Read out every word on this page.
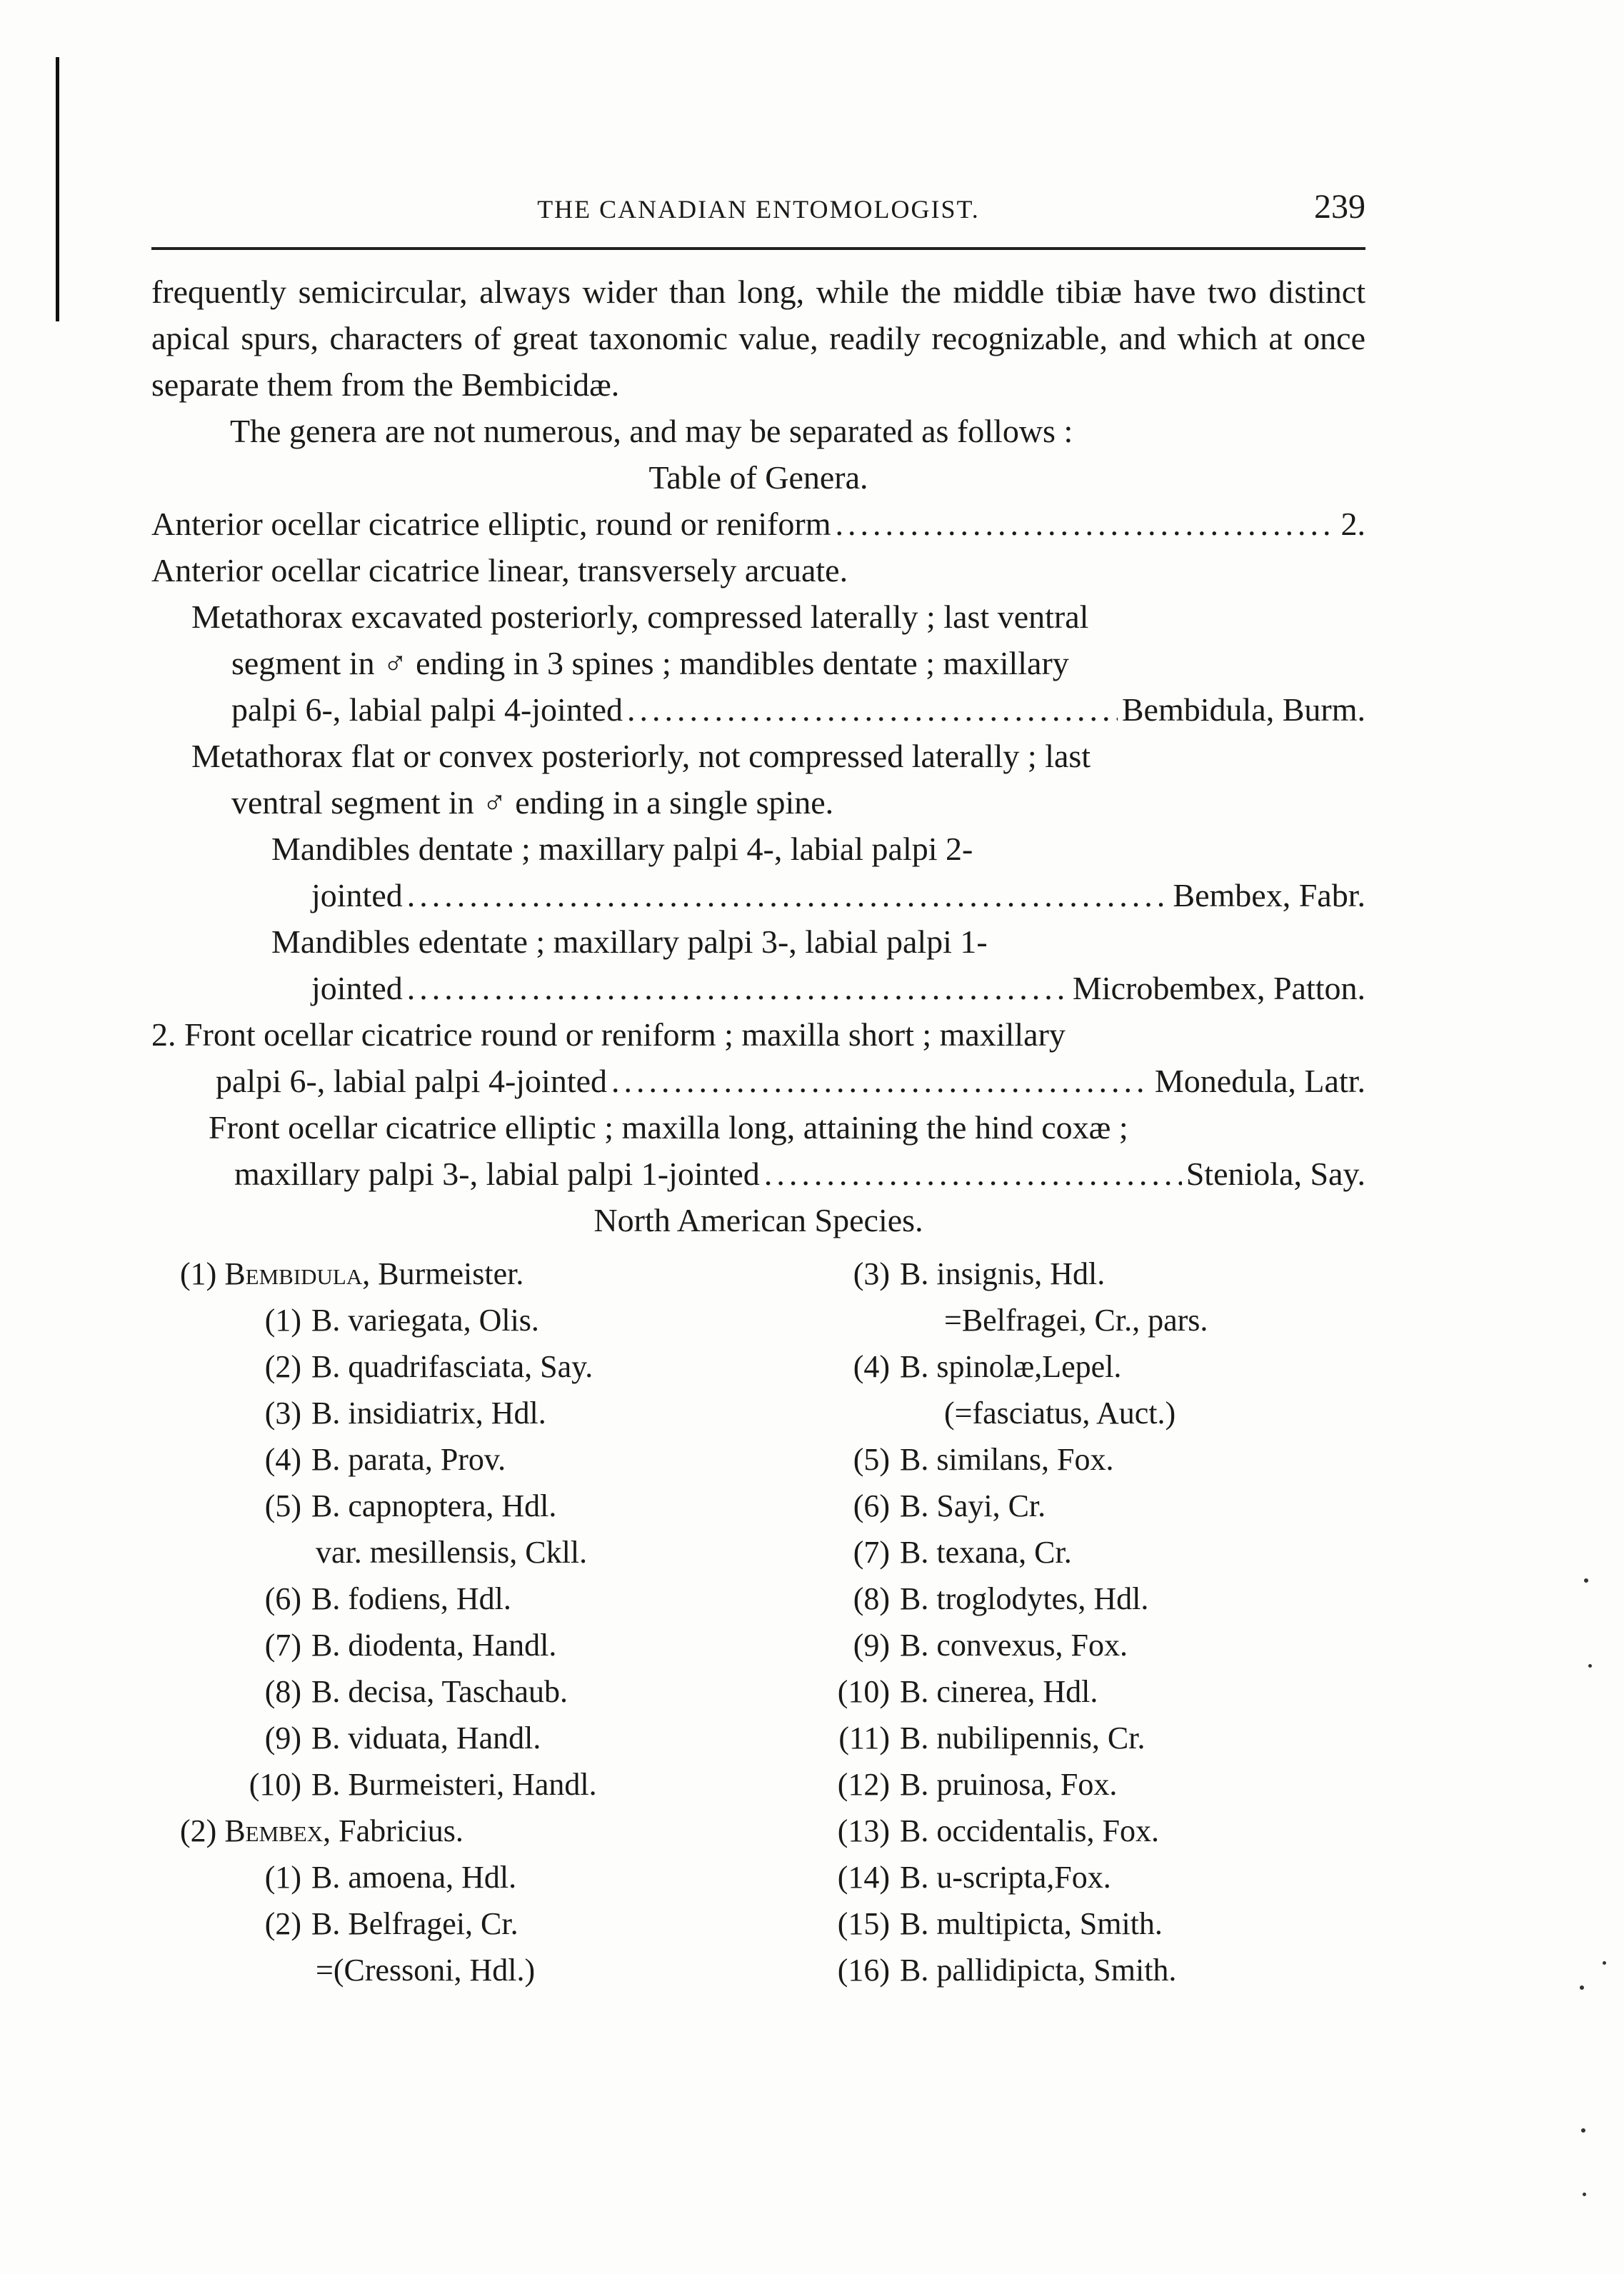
THE CANADIAN ENTOMOLOGIST.	239

frequently semicircular, always wider than long, while the middle tibiæ have two distinct apical spurs, characters of great taxonomic value, readily recognizable, and which at once separate them from the Bembicidæ.

The genera are not numerous, and may be separated as follows :

Table of Genera.

Anterior ocellar cicatrice elliptic, round or reniform .....	2.

Anterior ocellar cicatrice linear, transversely arcuate.

Metathorax excavated posteriorly, compressed laterally ; last ventral

segment in ♂ ending in 3 spines ; mandibles dentate ; maxillary

palpi 6-, labial palpi 4-jointed .....	Bembidula, Burm.

Metathorax flat or convex posteriorly, not compressed laterally ; last

ventral segment in ♂ ending in a single spine.

Mandibles dentate ; maxillary palpi 4-, labial palpi 2-

jointed .....	Bembex, Fabr.

Mandibles edentate ; maxillary palpi 3-, labial palpi 1-

jointed .....	Microbembex, Patton.

2. Front ocellar cicatrice round or reniform ; maxilla short ; maxillary

palpi 6-, labial palpi 4-jointed .....	Monedula, Latr.

Front ocellar cicatrice elliptic ; maxilla long, attaining the hind coxæ ;

maxillary palpi 3-, labial palpi 1-jointed .....	Steniola, Say.

North American Species.

(1) Bembidula, Burmeister.
(1) B. variegata, Olis.
(2) B. quadrifasciata, Say.
(3) B. insidiatrix, Hdl.
(4) B. parata, Prov.
(5) B. capnoptera, Hdl.
var. mesillensis, Ckll.
(6) B. fodiens, Hdl.
(7) B. diodenta, Handl.
(8) B. decisa, Taschaub.
(9) B. viduata, Handl.
(10) B. Burmeisteri, Handl.
(2) Bembex, Fabricius.
(1) B. amoena, Hdl.
(2) B. Belfragei, Cr.
=(Cressoni, Hdl.)
(3) B. insignis, Hdl.
=Belfragei, Cr., pars.
(4) B. spinolæ,Lepel.
(=fasciatus, Auct.)
(5) B. similans, Fox.
(6) B. Sayi, Cr.
(7) B. texana, Cr.
(8) B. troglodytes, Hdl.
(9) B. convexus, Fox.
(10) B. cinerea, Hdl.
(11) B. nubilipennis, Cr.
(12) B. pruinosa, Fox.
(13) B. occidentalis, Fox.
(14) B. u-scripta,Fox.
(15) B. multipicta, Smith.
(16) B. pallidipicta, Smith.
